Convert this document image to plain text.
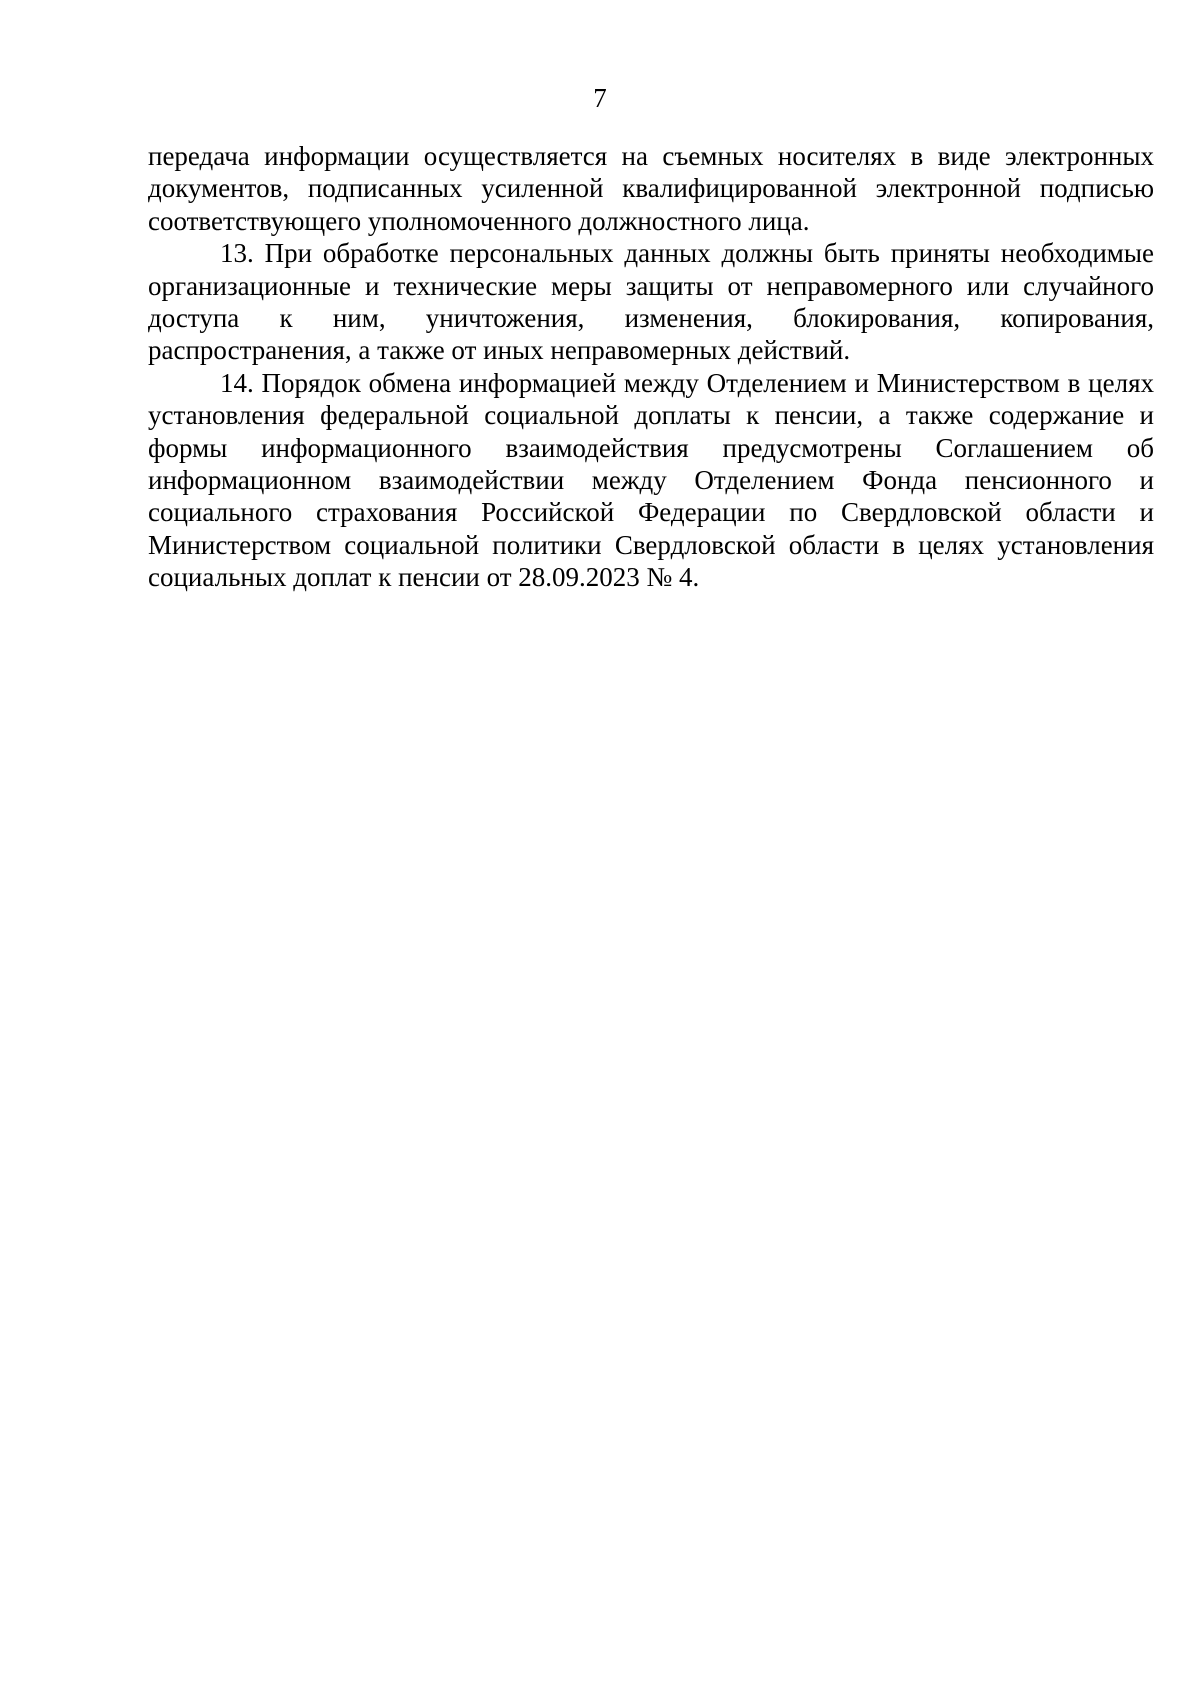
7

передача информации осуществляется на съемных носителях в виде электронных документов, подписанных усиленной квалифицированной электронной подписью соответствующего уполномоченного должностного лица.

13. При обработке персональных данных должны быть приняты необходимые организационные и технические меры защиты от неправомерного или случайного доступа к ним, уничтожения, изменения, блокирования, копирования, распространения, а также от иных неправомерных действий.

14. Порядок обмена информацией между Отделением и Министерством в целях установления федеральной социальной доплаты к пенсии, а также содержание и формы информационного взаимодействия предусмотрены Соглашением об информационном взаимодействии между Отделением Фонда пенсионного и социального страхования Российской Федерации по Свердловской области и Министерством социальной политики Свердловской области в целях установления социальных доплат к пенсии от 28.09.2023 № 4.
